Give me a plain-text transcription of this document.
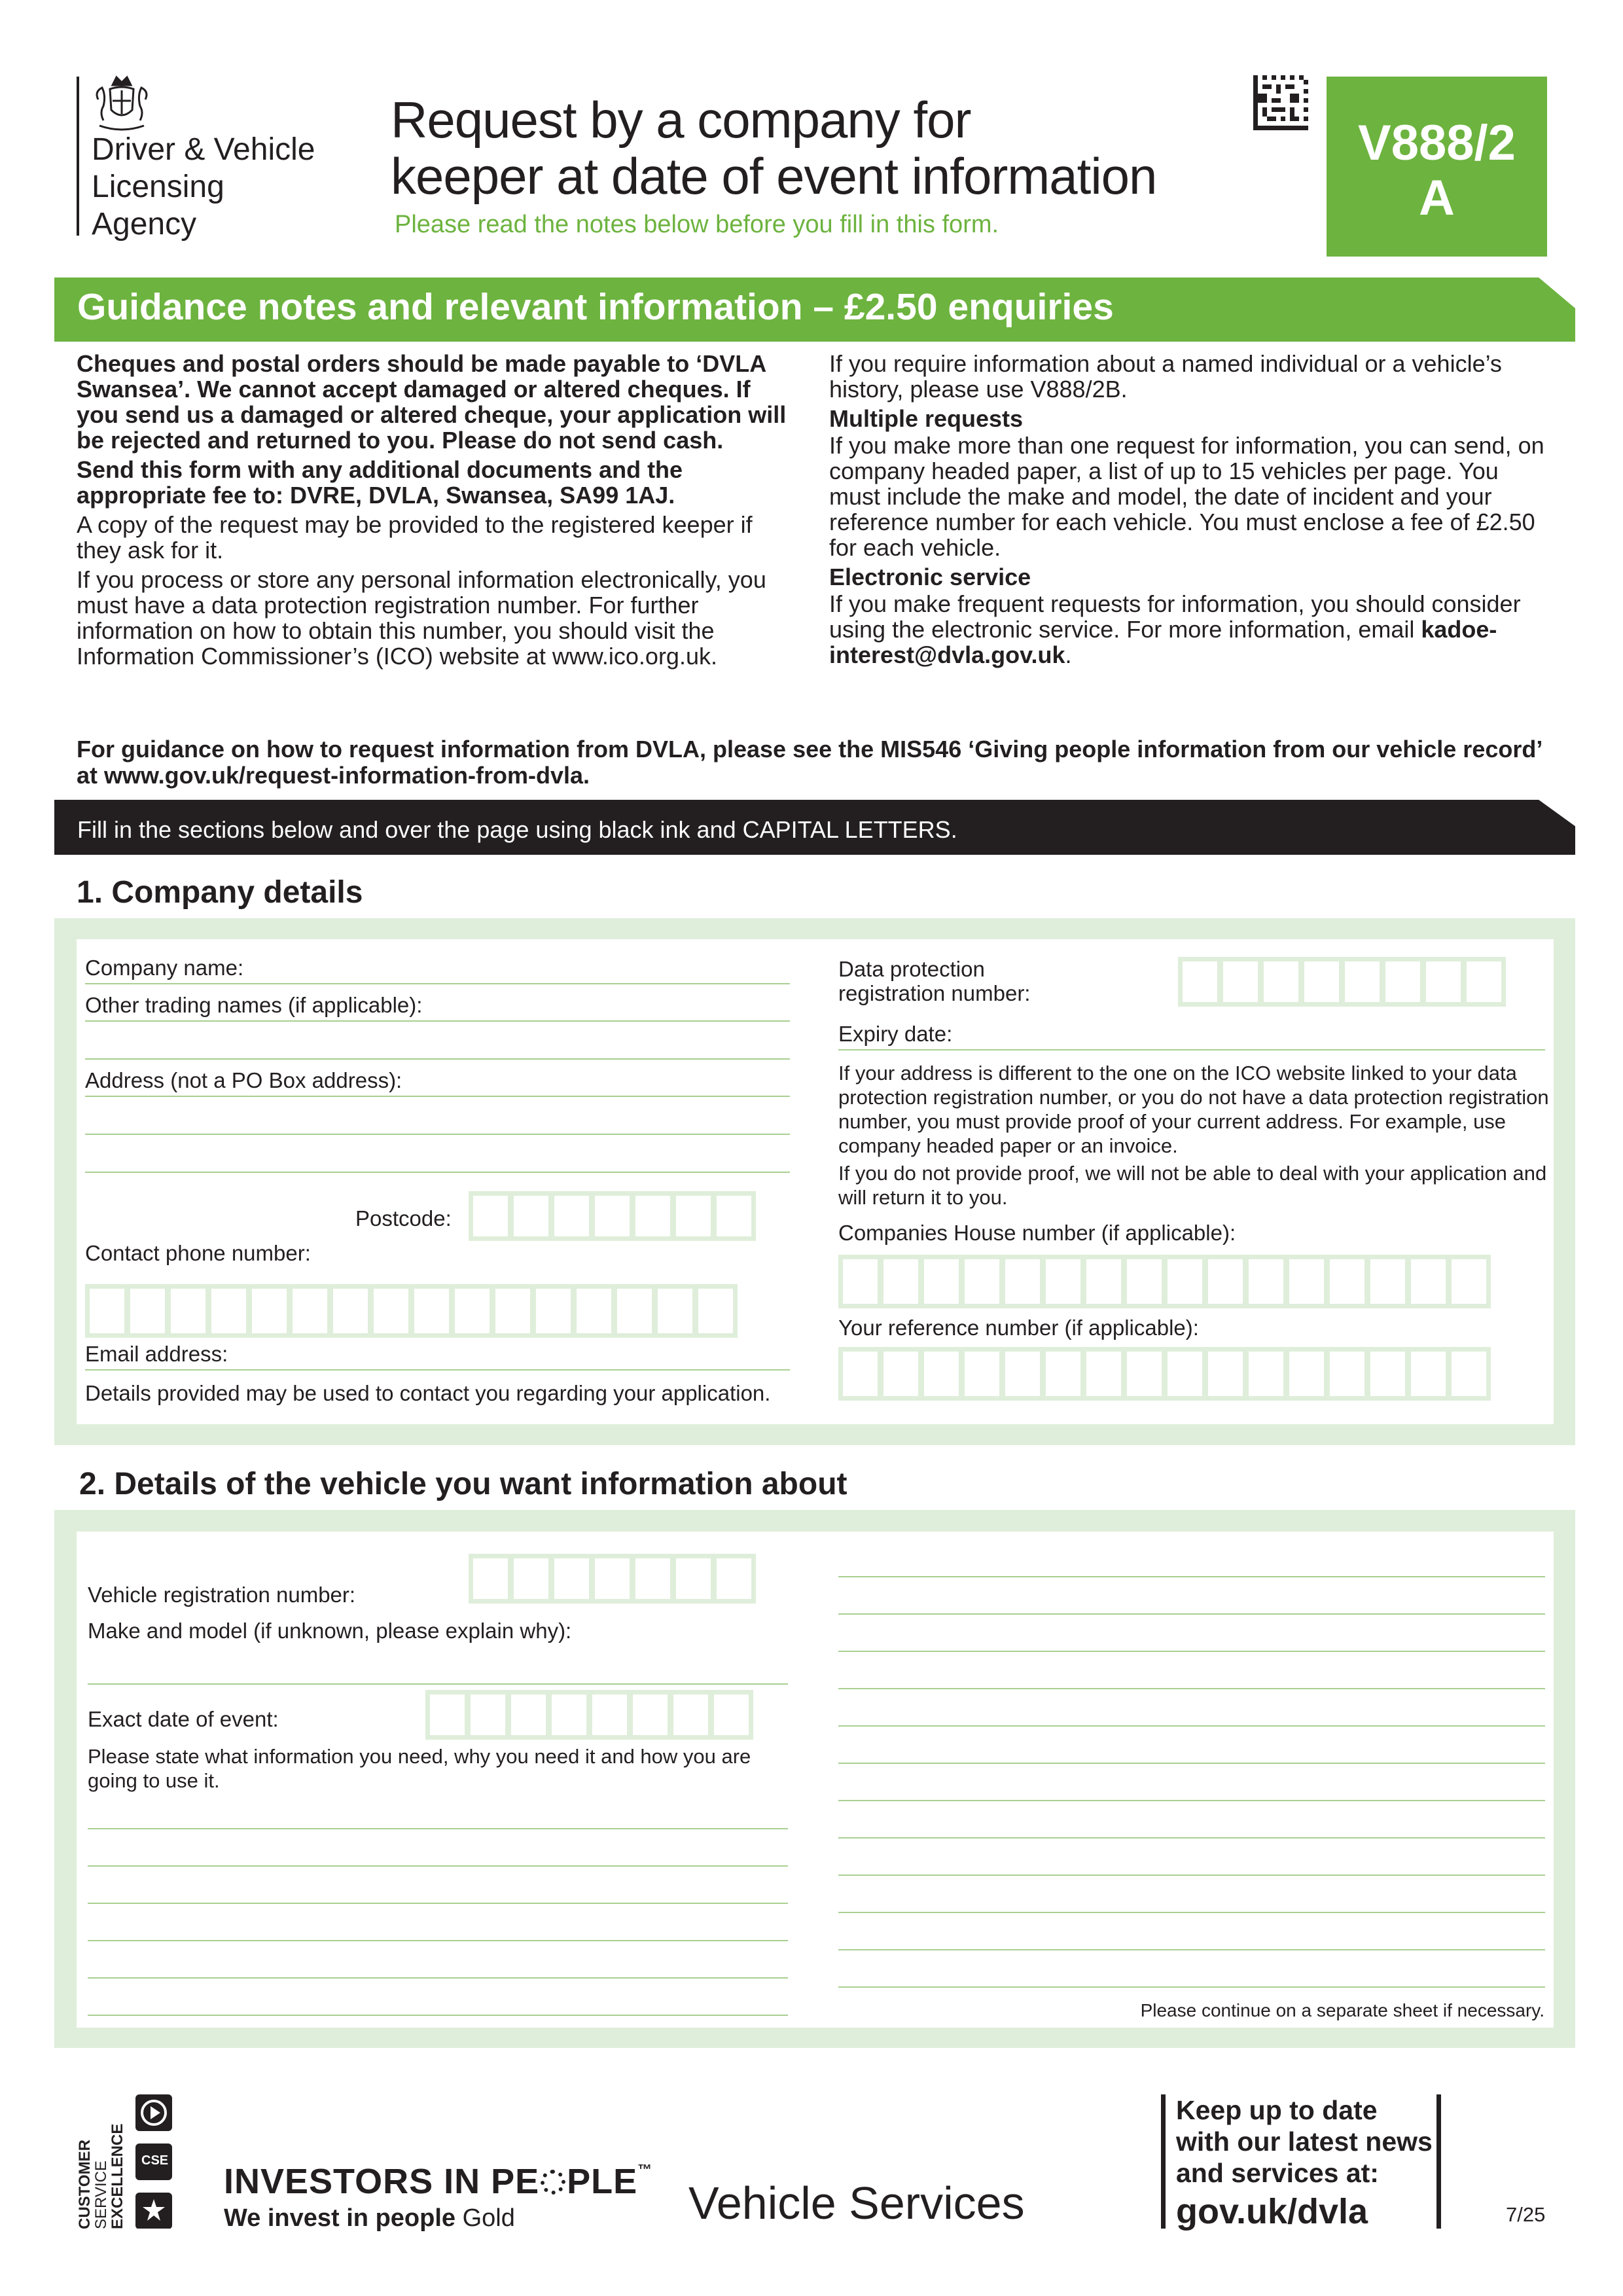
Driver & Vehicle
Licensing
Agency
Request by a company for
keeper at date of event information
Please read the notes below before you fill in this form.
V888/2
A
Guidance notes and relevant information – £2.50 enquiries

Cheques and postal orders should be made payable to ‘DVLA Swansea’. We cannot accept damaged or altered cheques. If you send us a damaged or altered cheque, your application will be rejected and returned to you. Please do not send cash.

Send this form with any additional documents and the appropriate fee to: DVRE, DVLA, Swansea, SA99 1AJ.

A copy of the request may be provided to the registered keeper if they ask for it.

If you process or store any personal information electronically, you must have a data protection registration number. For further information on how to obtain this number, you should visit the Information Commissioner’s (ICO) website at www.ico.org.uk.

If you require information about a named individual or a vehicle’s history, please use V888/2B.

Multiple requests

If you make more than one request for information, you can send, on company headed paper, a list of up to 15 vehicles per page. You must include the make and model, the date of incident and your reference number for each vehicle. You must enclose a fee of £2.50 for each vehicle.

Electronic service

If you make frequent requests for information, you should consider using the electronic service. For more information, email kadoe-interest@dvla.gov.uk.

For guidance on how to request information from DVLA, please see the MIS546 ‘Giving people information from our vehicle record’ at www.gov.uk/request-information-from-dvla.
Fill in the sections below and over the page using black ink and CAPITAL LETTERS.
1. Company details
Company name:
Other trading names (if applicable):
Address (not a PO Box address):
Postcode:
Contact phone number:
Email address:
Details provided may be used to contact you regarding your application.
Data protection
registration number:
Expiry date:
If your address is different to the one on the ICO website linked to your data protection registration number, or you do not have a data protection registration number, you must provide proof of your current address. For example, use company headed paper or an invoice.
If you do not provide proof, we will not be able to deal with your application and will return it to you.
Companies House number (if applicable):
Your reference number (if applicable):
2. Details of the vehicle you want information about
Vehicle registration number:
Make and model (if unknown, please explain why):
Exact date of event:
Please state what information you need, why you need it and how you are going to use it.
Please continue on a separate sheet if necessary.
CSE
CUSTOMER
SERVICE
EXCELLENCE	INVESTORS IN PE PLE™
We invest in people Gold	Vehicle Services
Keep up to date
with our latest news
and services at:
gov.uk/dvla	7/25
